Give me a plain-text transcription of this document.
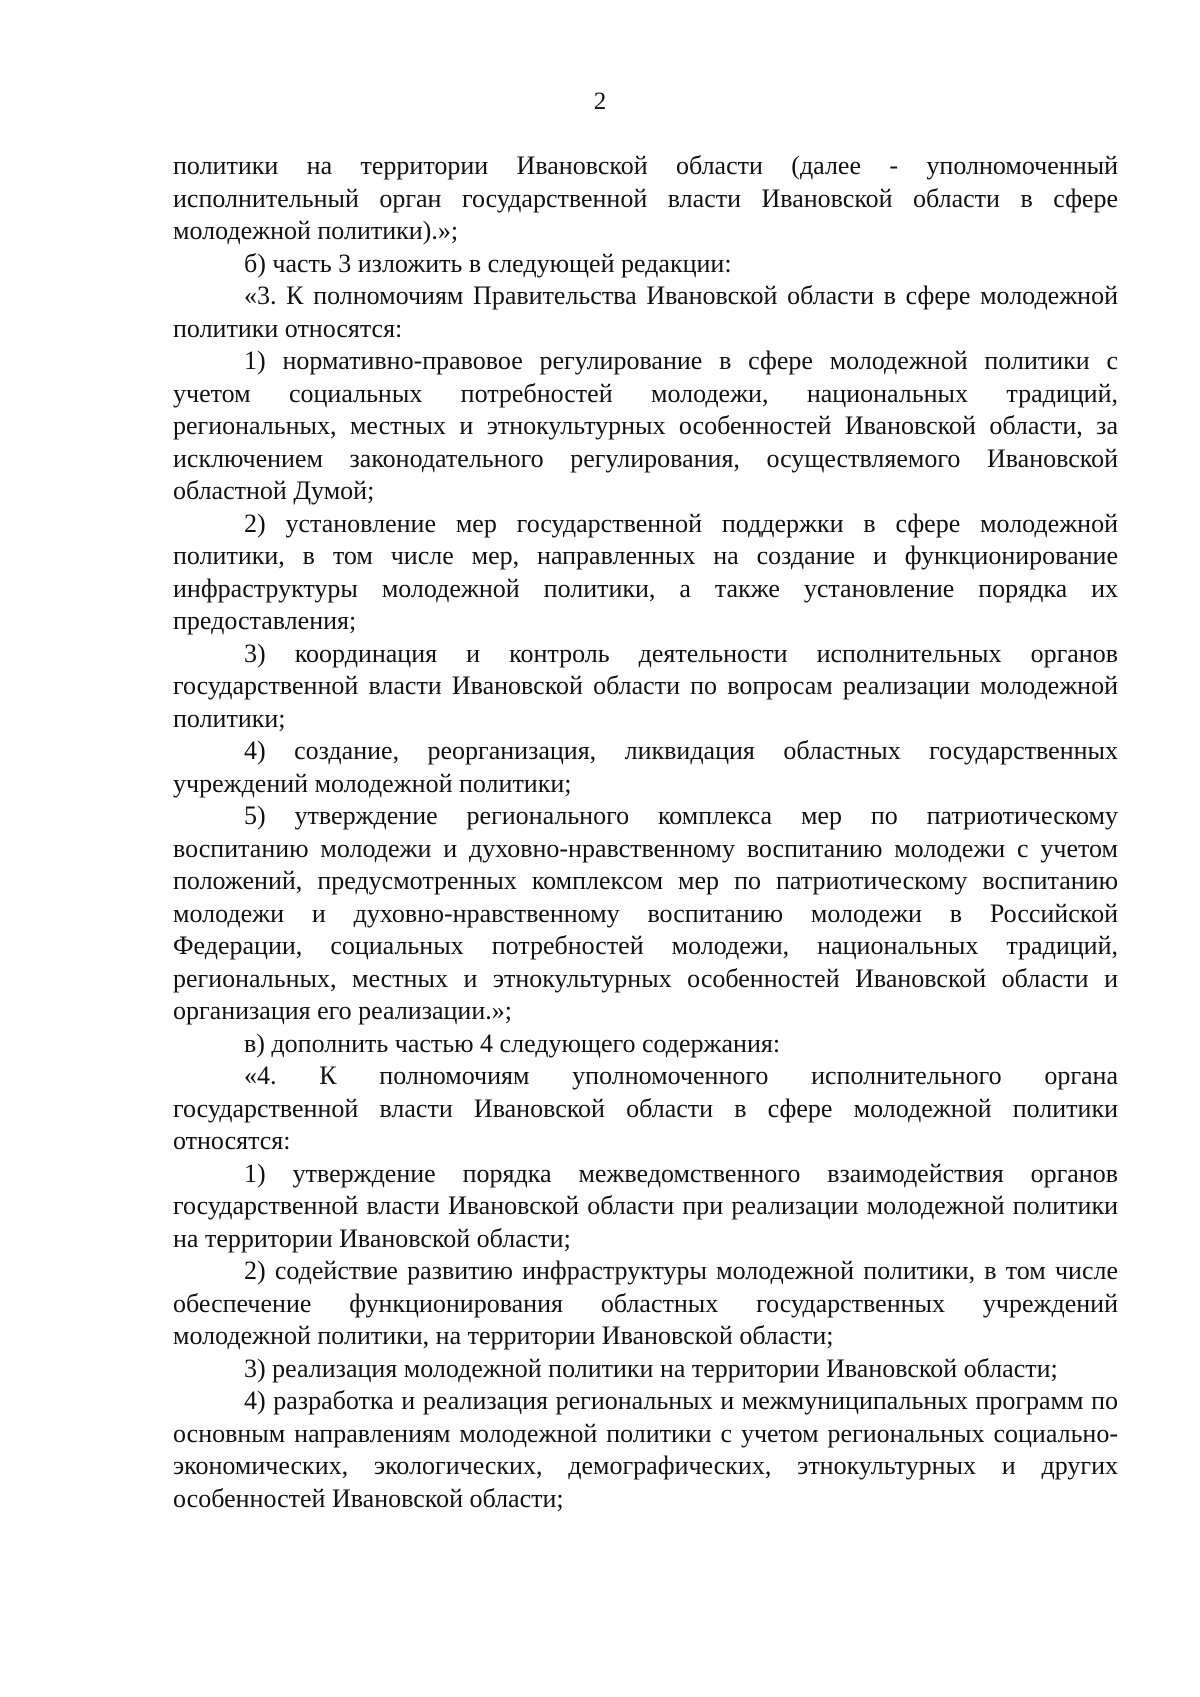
2

политики на территории Ивановской области (далее - уполномоченный исполнительный орган государственной власти Ивановской области в сфере молодежной политики).»;

б) часть 3 изложить в следующей редакции:

«3. К полномочиям Правительства Ивановской области в сфере молодежной политики относятся:

1) нормативно-правовое регулирование в сфере молодежной политики с учетом социальных потребностей молодежи, национальных традиций, региональных, местных и этнокультурных особенностей Ивановской области, за исключением законодательного регулирования, осуществляемого Ивановской областной Думой;

2) установление мер государственной поддержки в сфере молодежной политики, в том числе мер, направленных на создание и функционирование инфраструктуры молодежной политики, а также установление порядка их предоставления;

3) координация и контроль деятельности исполнительных органов государственной власти Ивановской области по вопросам реализации молодежной политики;

4) создание, реорганизация, ликвидация областных государственных учреждений молодежной политики;

5) утверждение регионального комплекса мер по патриотическому воспитанию молодежи и духовно-нравственному воспитанию молодежи с учетом положений, предусмотренных комплексом мер по патриотическому воспитанию молодежи и духовно-нравственному воспитанию молодежи в Российской Федерации, социальных потребностей молодежи, национальных традиций, региональных, местных и этнокультурных особенностей Ивановской области и организация его реализации.»;

в) дополнить частью 4 следующего содержания:

«4. К полномочиям уполномоченного исполнительного органа государственной власти Ивановской области в сфере молодежной политики относятся:

1) утверждение порядка межведомственного взаимодействия органов государственной власти Ивановской области при реализации молодежной политики на территории Ивановской области;

2) содействие развитию инфраструктуры молодежной политики, в том числе обеспечение функционирования областных государственных учреждений молодежной политики, на территории Ивановской области;

3) реализация молодежной политики на территории Ивановской области;

4) разработка и реализация региональных и межмуниципальных программ по основным направлениям молодежной политики с учетом региональных социально-экономических, экологических, демографических, этнокультурных и других особенностей Ивановской области;
